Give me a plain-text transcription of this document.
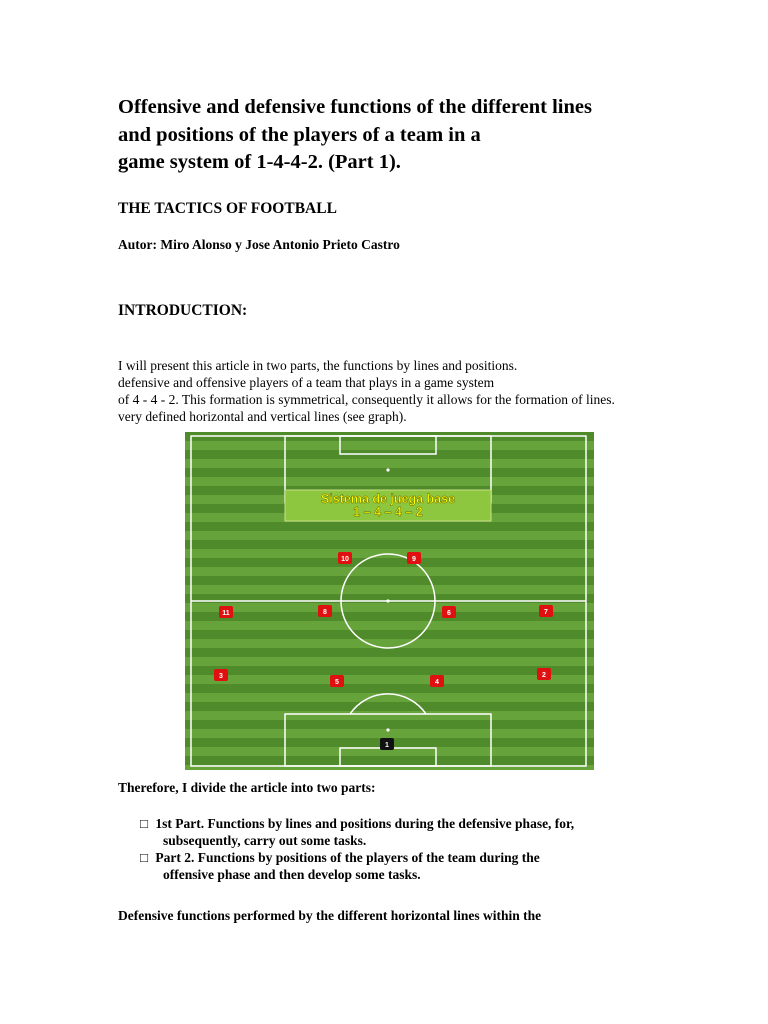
Offensive and defensive functions of the different lines
and positions of the players of a team in a
game system of 1-4-4-2. (Part 1).
THE TACTICS OF FOOTBALL
Autor: Miro Alonso y Jose Antonio Prieto Castro
INTRODUCTION:
I will present this article in two parts, the functions by lines and positions.
defensive and offensive players of a team that plays in a game system
of 4 - 4 - 2. This formation is symmetrical, consequently it allows for the formation of lines.
very defined horizontal and vertical lines (see graph).
Sistema de juega base
1 – 4 – 4 – 2
10	9
11	8	6	7
3
5	4
2
1
Therefore, I divide the article into two parts:
□ 1st Part. Functions by lines and positions during the defensive phase, for,
subsequently, carry out some tasks.
□ Part 2. Functions by positions of the players of the team during the
offensive phase and then develop some tasks.
Defensive functions performed by the different horizontal lines within the
